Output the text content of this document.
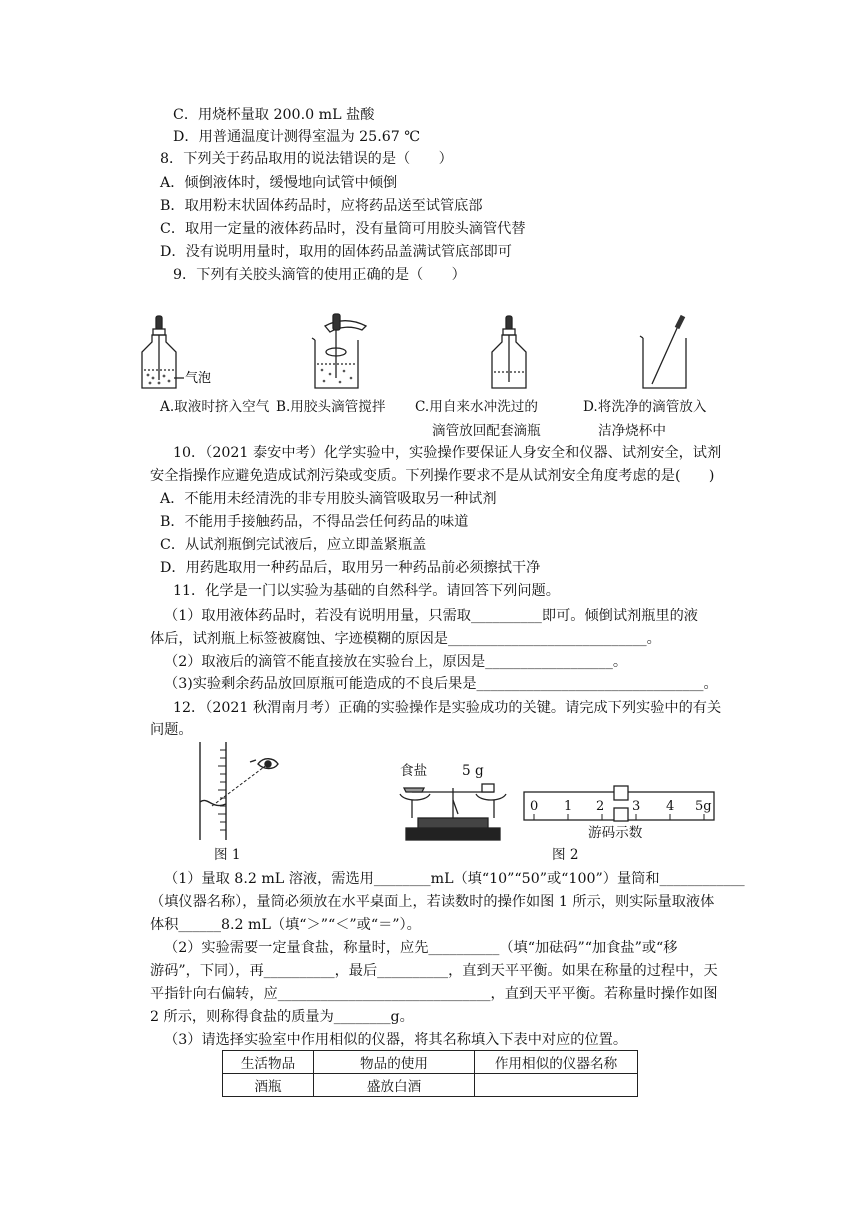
C．用烧杯量取 200.0 mL 盐酸
D．用普通温度计测得室温为 25.67 ℃
8．下列关于药品取用的说法错误的是（　　）
A．倾倒液体时，缓慢地向试管中倾倒
B．取用粉末状固体药品时，应将药品送至试管底部
C．取用一定量的液体药品时，没有量筒可用胶头滴管代替
D．没有说明用量时，取用的固体药品盖满试管底部即可
9．下列有关胶头滴管的使用正确的是（　　）
气泡
A.取液时挤入空气 B.用胶头滴管搅拌 C.用自来水冲洗过的	D.将洗净的滴管放入
滴管放回配套滴瓶	洁净烧杯中
10．（2021 泰安中考）化学实验中，实验操作要保证人身安全和仪器、试剂安全，试剂
安全指操作应避免造成试剂污染或变质。下列操作要求不是从试剂安全角度考虑的是(　　)
A．不能用未经清洗的非专用胶头滴管吸取另一种试剂
B．不能用手接触药品，不得品尝任何药品的味道
C．从试剂瓶倒完试液后，应立即盖紧瓶盖
D．用药匙取用一种药品后，取用另一种药品前必须擦拭干净
11．化学是一门以实验为基础的自然科学。请回答下列问题。
（1）取用液体药品时，若没有说明用量，只需取__________即可。倾倒试剂瓶里的液
体后，试剂瓶上标签被腐蚀、字迹模糊的原因是____________________________。
（2）取液后的滴管不能直接放在实验台上，原因是__________________。
（3)实验剩余药品放回原瓶可能造成的不良后果是________________________________。
12．（2021 秋渭南月考）正确的实验操作是实验成功的关键。请完成下列实验中的有关
问题。
图 1
食盐	5 g
0 1 2 3 4 5g
游码示数
图 2
（1）量取 8.2 mL 溶液，需选用________mL（填“10”“50”或“100”）量筒和____________
（填仪器名称），量筒必须放在水平桌面上，若读数时的操作如图 1 所示，则实际量取液体
体积______8.2 mL（填“＞”“＜”或“＝”）。
（2）实验需要一定量食盐，称量时，应先__________（填“加砝码”“加食盐”或“移
游码”，下同），再__________，最后__________，直到天平平衡。如果在称量的过程中，天
平指针向右偏转，应______________________________，直到天平平衡。若称量时操作如图
2 所示，则称得食盐的质量为________g。
（3）请选择实验室中作用相似的仪器，将其名称填入下表中对应的位置。
生活物品	物品的使用	作用相似的仪器名称
酒瓶	盛放白酒	
